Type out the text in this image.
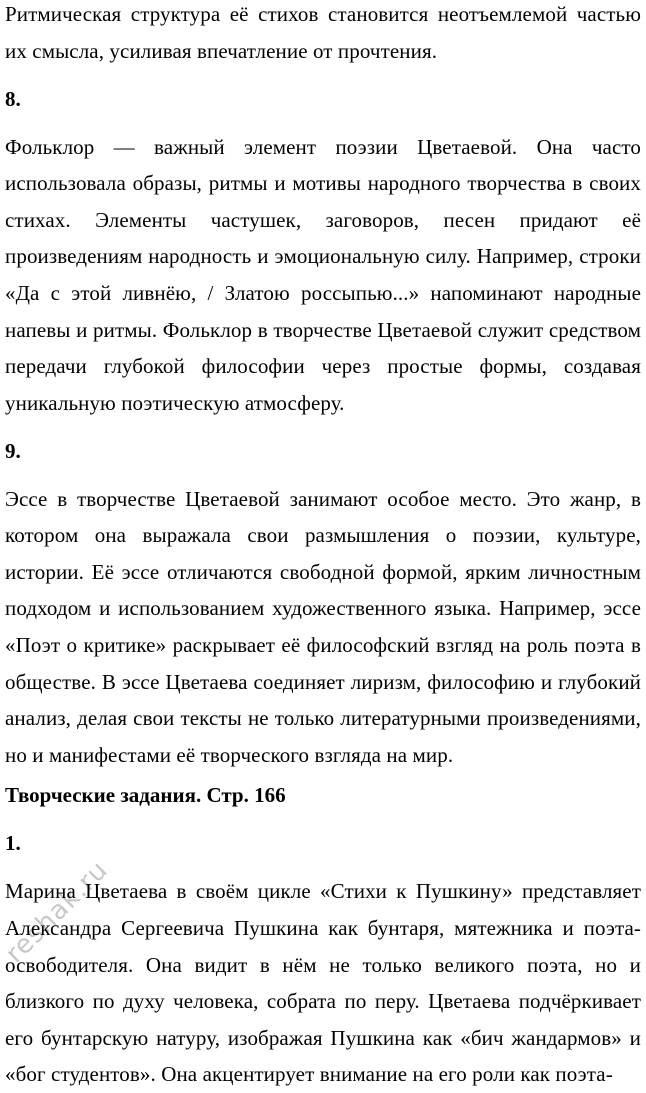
Ритмическая структура её стихов становится неотъемлемой частью их смысла, усиливая впечатление от прочтения.

8.

Фольклор — важный элемент поэзии Цветаевой. Она часто использовала образы, ритмы и мотивы народного творчества в своих стихах. Элементы частушек, заговоров, песен придают её произведениям народность и эмоциональную силу. Например, строки «Да с этой ливнёю, / Златою россыпью...» напоминают народные напевы и ритмы. Фольклор в творчестве Цветаевой служит средством передачи глубокой философии через простые формы, создавая уникальную поэтическую атмосферу.

9.

Эссе в творчестве Цветаевой занимают особое место. Это жанр, в котором она выражала свои размышления о поэзии, культуре, истории. Её эссе отличаются свободной формой, ярким личностным подходом и использованием художественного языка. Например, эссе «Поэт о критике» раскрывает её философский взгляд на роль поэта в обществе. В эссе Цветаева соединяет лиризм, философию и глубокий анализ, делая свои тексты не только литературными произведениями, но и манифестами её творческого взгляда на мир.

Творческие задания. Стр. 166

1.

Марина Цветаева в своём цикле «Стихи к Пушкину» представляет Александра Сергеевича Пушкина как бунтаря, мятежника и поэта-освободителя. Она видит в нём не только великого поэта, но и близкого по духу человека, собрата по перу. Цветаева подчёркивает его бунтарскую натуру, изображая Пушкина как «бич жандармов» и «бог студентов». Она акцентирует внимание на его роли как поэта-

reshak.ru
